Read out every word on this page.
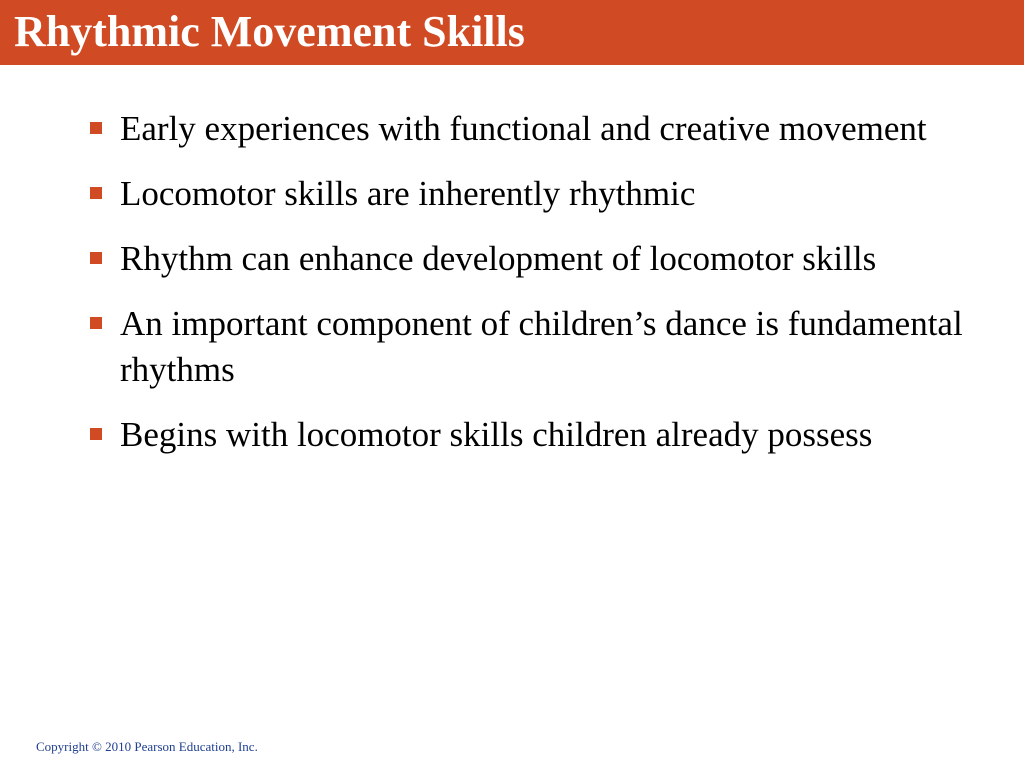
Rhythmic Movement Skills
Early experiences with functional and creative movement
Locomotor skills are inherently rhythmic
Rhythm can enhance development of locomotor skills
An important component of children’s dance is fundamental rhythms
Begins with locomotor skills children already possess
Copyright © 2010 Pearson Education, Inc.
